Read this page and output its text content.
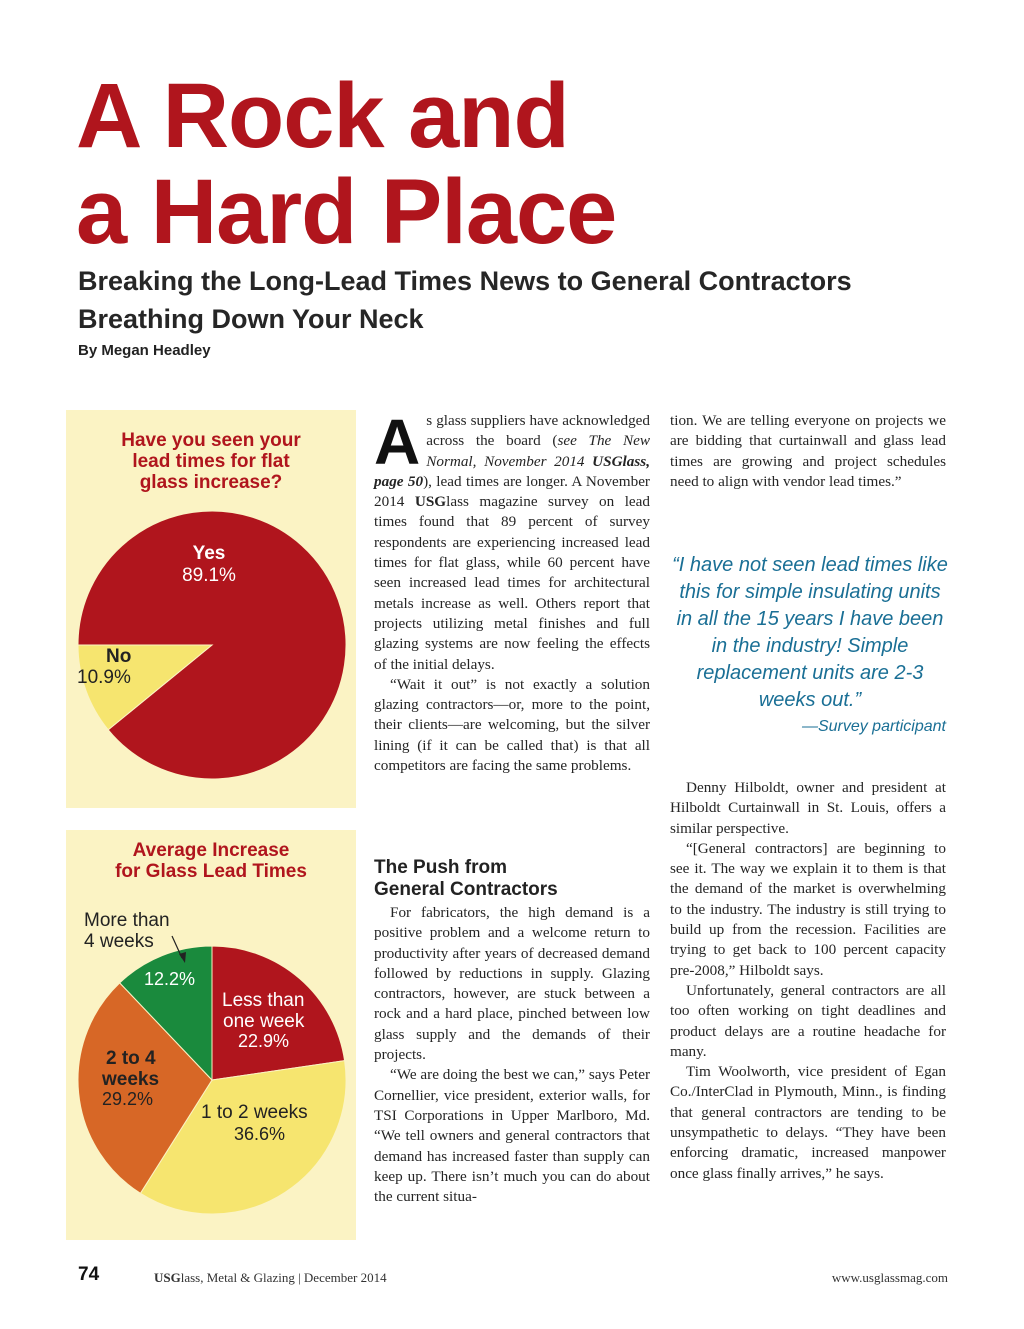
A Rock and
a Hard Place
Breaking the Long-Lead Times News to General Contractors Breathing Down Your Neck
By Megan Headley
Have you seen your
lead times for flat
glass increase?
Yes
89.1%
No
10.9%
Average Increase
for Glass Lead Times
More than
4 weeks
12.2%
Less than
one week
22.9%
2 to 4
weeks
29.2%
1 to 2 weeks
36.6%

As glass suppliers have acknowledged across the board (see The New Normal, November 2014 USGlass, page 50), lead times are longer. A November 2014 USGlass magazine survey on lead times found that 89 percent of survey respondents are experiencing increased lead times for flat glass, while 60 percent have seen increased lead times for architectural metals increase as well. Others report that projects utilizing metal finishes and full glazing systems are now feeling the effects of the initial delays.

“Wait it out” is not exactly a solution glazing contractors—or, more to the point, their clients—are welcoming, but the silver lining (if it can be called that) is that all competitors are facing the same problems.

The Push from
General Contractors

For fabricators, the high demand is a positive problem and a welcome return to productivity after years of decreased demand followed by reductions in supply. Glazing contractors, however, are stuck between a rock and a hard place, pinched between low glass supply and the demands of their projects.

“We are doing the best we can,” says Peter Cornellier, vice president, exterior walls, for TSI Corporations in Upper Marlboro, Md. “We tell owners and general contractors that demand has increased faster than supply can keep up. There isn’t much you can do about the current situa-

tion. We are telling everyone on projects we are bidding that curtainwall and glass lead times are growing and project schedules need to align with vendor lead times.”

“I have not seen lead times like this for simple insulating units in all the 15 years I have been in the industry! Simple replacement units are 2-3 weeks out.”
—Survey participant

Denny Hilboldt, owner and president at Hilboldt Curtainwall in St. Louis, offers a similar perspective.

“[General contractors] are beginning to see it. The way we explain it to them is that the demand of the market is overwhelming to the industry. The industry is still trying to build up from the recession. Facilities are trying to get back to 100 percent capacity pre-2008,” Hilboldt says.

Unfortunately, general contractors are all too often working on tight deadlines and product delays are a routine headache for many.

Tim Woolworth, vice president of Egan Co./InterClad in Plymouth, Minn., is finding that general contractors are tending to be unsympathetic to delays. “They have been enforcing dramatic, increased manpower once glass finally arrives,” he says.

74	USGlass, Metal & Glazing | December 2014	www.usglassmag.com
